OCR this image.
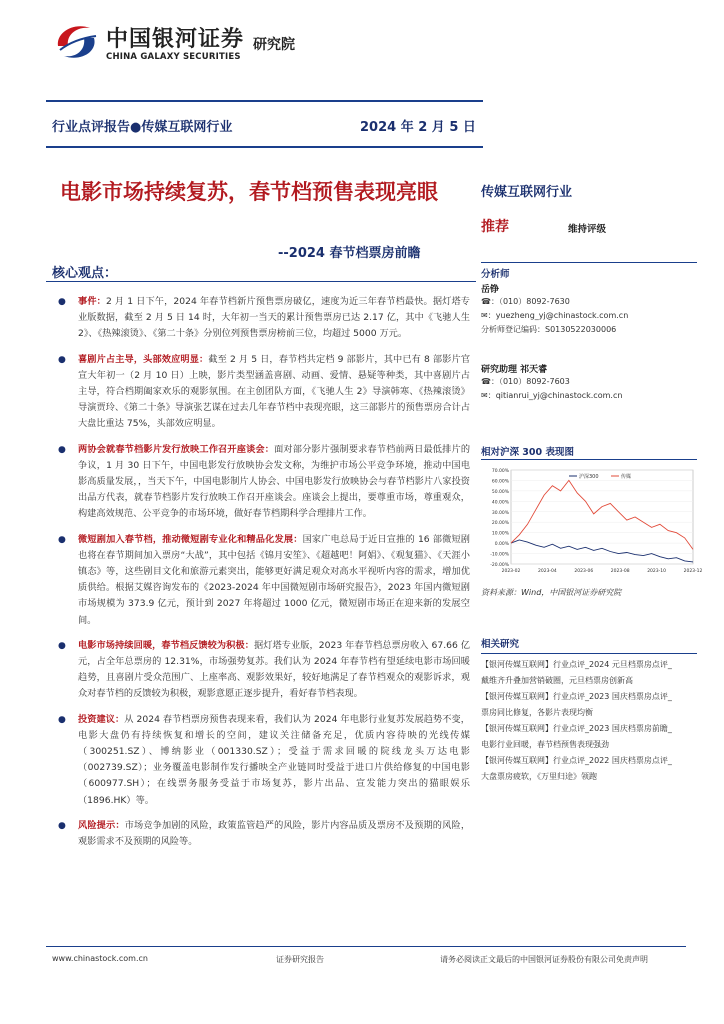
中国银河证券
CHINA GALAXY SECURITIES
研究院
行业点评报告●传媒互联网行业	2024 年 2 月 5 日
电影市场持续复苏，春节档预售表现亮眼
--2024 春节档票房前瞻
核心观点：
● 事件：2 月 1 日下午，2024 年春节档新片预售票房破亿，速度为近三年春节档最快。据灯塔专业版数据，截至 2 月 5 日 14 时，大年初一当天的累计预售票房已达 2.17 亿，其中《飞驰人生 2》、《热辣滚烫》、《第二十条》分别位列预售票房榜前三位，均超过 5000 万元。
● 喜剧片占主导，头部效应明显：截至 2 月 5 日，春节档共定档 9 部影片，其中已有 8 部影片官宣大年初一（2 月 10 日）上映，影片类型涵盖喜剧、动画、爱情、悬疑等种类，其中喜剧片占主导，符合档期阖家欢乐的观影氛围。在主创团队方面，《飞驰人生 2》导演韩寒、《热辣滚烫》导演贾玲、《第二十条》导演张艺谋在过去几年春节档中表现亮眼，这三部影片的预售票房合计占大盘比重达 75%，头部效应明显。
● 两协会就春节档影片发行放映工作召开座谈会：面对部分影片强制要求春节档前两日最低排片的争议，1 月 30 日下午，中国电影发行放映协会发文称，为维护市场公平竞争环境，推动中国电影高质量发展，，当天下午，中国电影制片人协会、中国电影发行放映协会与春节档影片八家投资出品方代表，就春节档影片发行放映工作召开座谈会。座谈会上提出，要尊重市场，尊重观众，构建高效规范、公平竞争的市场环境，做好春节档期科学合理排片工作。
● 微短剧加入春节档，推动微短剧专业化和精品化发展：国家广电总局于近日宣推的 16 部微短剧也将在春节期间加入票房“大战”，其中包括《锦月安笙》、《超越吧！阿娟》、《观复猫》、《天涯小镇态》等，这些剧目文化和旅游元素突出，能够更好满足观众对高水平视听内容的需求，增加优质供给。根据艾媒咨询发布的《2023-2024 年中国微短剧市场研究报告》，2023 年国内微短剧市场规模为 373.9 亿元，预计到 2027 年将超过 1000 亿元，微短剧市场正在迎来新的发展空间。
● 电影市场持续回暖，春节档反馈较为积极：据灯塔专业版，2023 年春节档总票房收入 67.66 亿元，占全年总票房的 12.31%，市场强势复苏。我们认为 2024 年春节档有望延续电影市场回暖趋势，且喜剧片受众范围广、上座率高、观影效果好，较好地满足了春节档观众的观影诉求，观众对春节档的反馈较为积极，观影意愿正逐步提升，看好春节档表现。
● 投资建议：从 2024 春节档票房预售表现来看，我们认为 2024 年电影行业复苏发展趋势不变，电影大盘仍有持续恢复和增长的空间，建议关注储备充足，优质内容待映的光线传媒（300251.SZ）、博纳影业（001330.SZ）；受益于需求回暖的院线龙头万达电影（002739.SZ）；业务覆盖电影制作发行播映全产业链同时受益于进口片供给修复的中国电影（600977.SH）；在线票务服务受益于市场复苏，影片出品、宣发能力突出的猫眼娱乐（1896.HK）等。
● 风险提示：市场竞争加剧的风险，政策监管趋严的风险，影片内容品质及票房不及预期的风险，观影需求不及预期的风险等。
传媒互联网行业
推荐	维持评级
分析师
岳铮
☎：（010）8092-7630
✉：yuezheng_yj@chinastock.com.cn
分析师登记编码：S0130522030006
研究助理 祁天睿
☎：（010）8092-7603
✉：qitianrui_yj@chinastock.com.cn
相对沪深 300 表现图
相关研究
【银河传媒互联网】行业点评_2024 元旦档票房点评_
戴维齐升叠加营销破圈，元旦档票房创新高
【银河传媒互联网】行业点评_2023 国庆档票房点评_
票房同比修复，各影片表现均衡
【银河传媒互联网】行业点评_2023 国庆档票房前瞻_
电影行业回暖，春节档预售表现强劲
【银河传媒互联网】行业点评_2022 国庆档票房点评_
大盘票房疲软，《万里归途》领跑
70.00%
60.00%
50.00%
40.00%
30.00%
20.00%
10.00%
0.00%
-10.00%
-20.00%
2023-02	2023-04	2023-06	2023-08	2023-10	2023-12
沪深300	传媒
资料来源：Wind，中国银河证券研究院
www.chinastock.com.cn	证券研究报告	请务必阅读正文最后的中国银河证券股份有限公司免责声明
